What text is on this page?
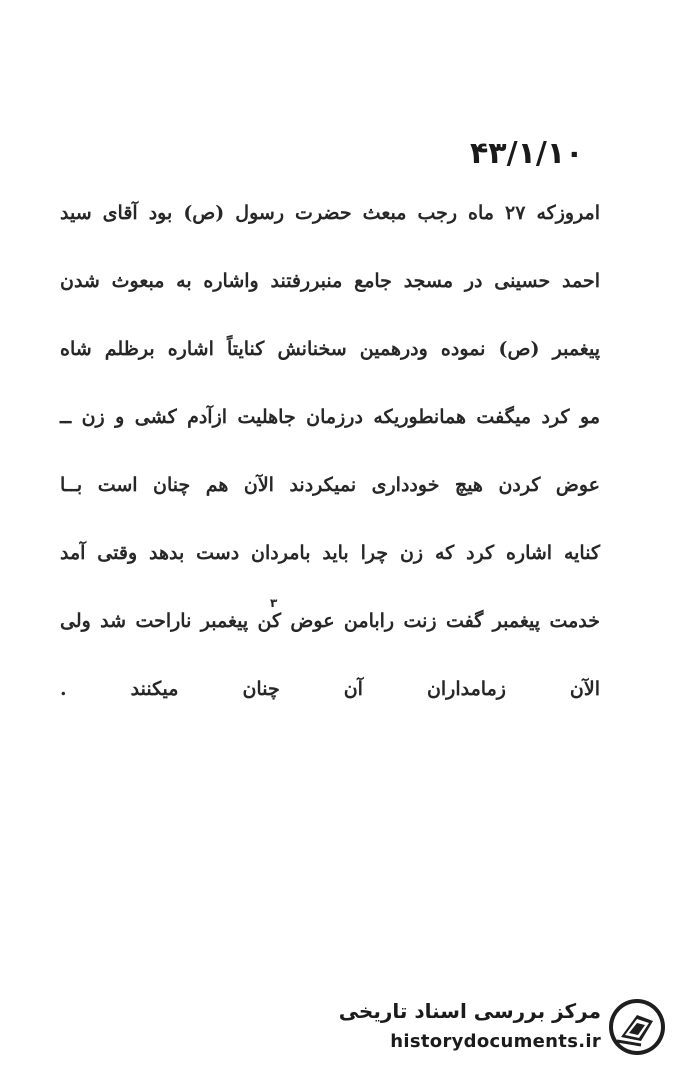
۴۳/۱/۱۰
امروزکه ۲۷ ماه رجب مبعث حضرت رسول (ص) بود آقای سید
احمد حسینی در مسجد جامع منبررفتند واشاره به مبعوث شدن
پیغمبر (ص) نموده ودرهمین سخنانش کنایتاً اشاره برظلم شاه
مو کرد میگفت همانطوریکه درزمان جاهلیت ازآدم کشی و زن ــ
عوض کردن هیچ خودداری نمیکردند الآن هم چنان است بــا
کنایه اشاره کرد که زن چرا باید بامردان دست بدهد وقتی آمد
خدمت پیغمبر گفت زنت رابامن عوض کن پیغمبر ناراحت شد ولی
الآن زمامداران آن چنان میکنند .
۳
مرکز بررسی اسناد تاریخی
historydocuments.ir
